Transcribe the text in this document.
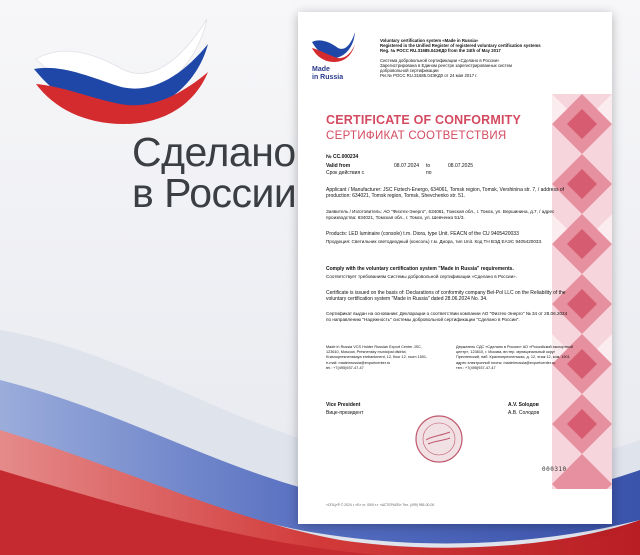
Сделано
в России
Made
in Russia
Voluntary certification system «Made in Russia»
Registered in the Unified Register of registered voluntary certification systems
Reg. № РОСС RU.З1685.04ЭКД0 from the 24th of May 2017
Система добровольной сертификации «Сделано в России»
Зарегистрирована в Едином реестре зарегистрированных систем
добровольной сертификации
Рег.№ РОСС RU.З1685.04ЭКД0 от 24 мая 2017 г.
CERTIFICATE OF CONFORMITY
СЕРТИФИКАТ СООТВЕТСТВИЯ
№ CC.000234
Valid from
Срок действия с
08.07.2024 to
по
08.07.2025
Applicant / Manufacturer: JSC Fiztech-Energo, 634061, Tomsk region, Tomsk, Vershinina str. 7, / address of production: 634021, Tomsk region, Tomsk, Shevchenko str. 51.
Заявитель / Изготовитель: АО "Физтех-Энерго", 634061, Томская обл., г. Томск, ул. Вершинина, д.7, / адрес производства: 634021, Томская обл., г. Томск, ул. Шевченко 51/3.
Products: LED luminaire (console) t.m. Diora, type Unit. FEACN of the CU 9405420033
Продукция: Светильник светодиодный (консоль) т.м. Диора, тип Unit. Код ТН ВЭД ЕАЭС 9405420033.
Comply with the voluntary certification system "Made in Russia" requirements.
Соответствует требованиям Системы добровольной сертификации «Сделано в России».
Certificate is issued on the basis of: Declarations of conformity company Bel-Pol LLC on the Reliability of the voluntary certification system "Made in Russia" dated 28.06.2024 No. 34.
Сертификат выдан на основании: Декларации о соответствии компании АО "Физтех-Энерго" № 34 от 28.06.2024 по направлению "Надежность" системы добровольной сертификации "Сделано в России".
Made in Russia VCS Holder Russian Export Center JSC,
123610, Moscow, Presnensky municipal district,
Krasnopresnenskaya embankment, 12, floor 12, room 1501,
e-mail: madeinrussia@exportcenter.ru
tel.: +7(495)937-47-47
Держатель СДС «Сделано в России» АО «Российский экспортный
центр», 123610, г. Москва, вн.тер. муниципальный округ
Пресненский, наб. Краснопресненская, д. 12, этаж 12, ком. 1501
адрес электронной почты: madeinrussia@exportcenter.ru
тел.: +7(495)937-47-47
Vice President
Вице-президент
A.V. Soloдов
А.В. Солодов
000310
«ОПЦ»® © 2024 г. «Б» ст. 05/5 т.т. «АСТЕРЬЕВ» Тел. (499) 955-00-00
